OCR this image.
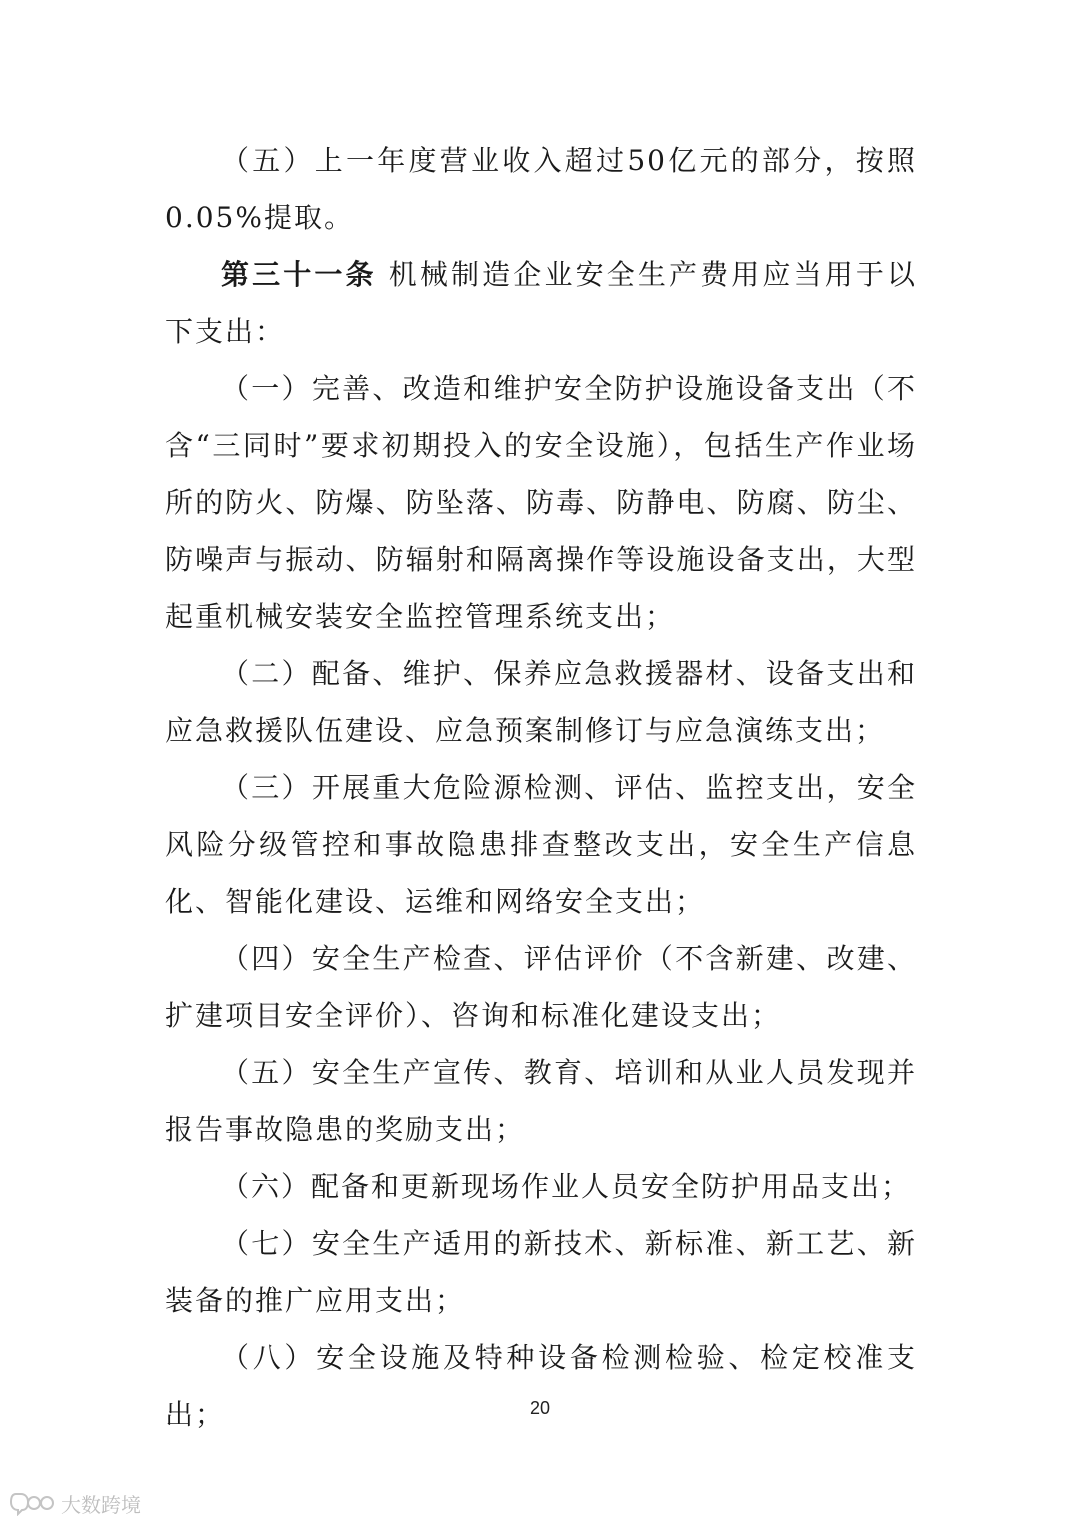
（五）上一年度营业收入超过50亿元的部分，按照0.05%提取。

第三十一条 机械制造企业安全生产费用应当用于以下支出：

（一）完善、改造和维护安全防护设施设备支出（不含“三同时”要求初期投入的安全设施），包括生产作业场所的防火、防爆、防坠落、防毒、防静电、防腐、防尘、防噪声与振动、防辐射和隔离操作等设施设备支出，大型起重机械安装安全监控管理系统支出；

（二）配备、维护、保养应急救援器材、设备支出和应急救援队伍建设、应急预案制修订与应急演练支出；

（三）开展重大危险源检测、评估、监控支出，安全风险分级管控和事故隐患排查整改支出，安全生产信息化、智能化建设、运维和网络安全支出；

（四）安全生产检查、评估评价（不含新建、改建、扩建项目安全评价）、咨询和标准化建设支出；

（五）安全生产宣传、教育、培训和从业人员发现并报告事故隐患的奖励支出；

（六）配备和更新现场作业人员安全防护用品支出；

（七）安全生产适用的新技术、新标准、新工艺、新装备的推广应用支出；

（八）安全设施及特种设备检测检验、检定校准支出；	20
大数跨境
